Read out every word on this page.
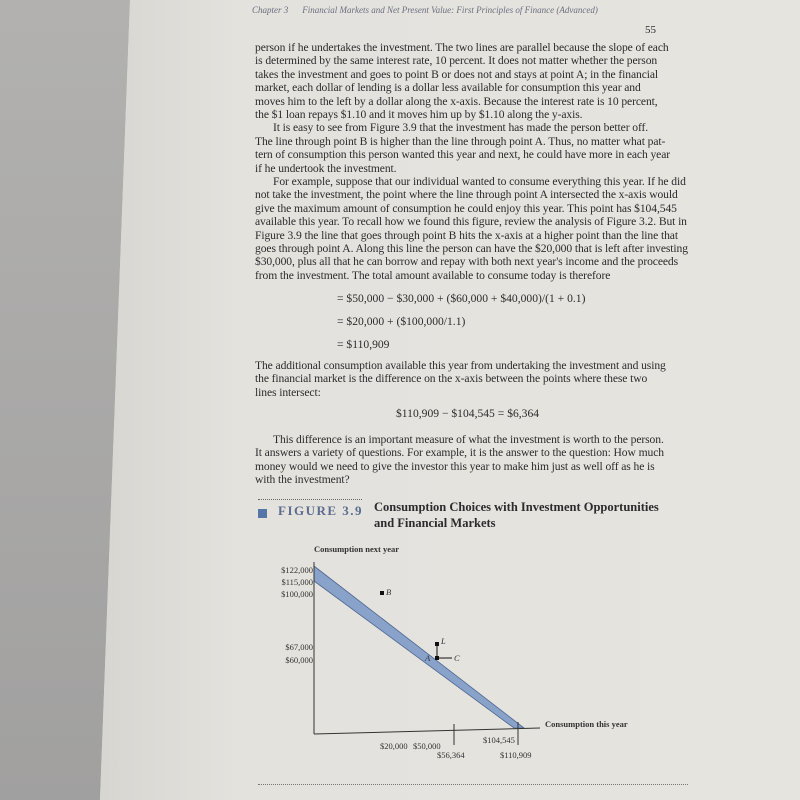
Chapter 3 Financial Markets and Net Present Value: First Principles of Finance (Advanced)
55
person if he undertakes the investment. The two lines are parallel because the slope of each
is determined by the same interest rate, 10 percent. It does not matter whether the person
takes the investment and goes to point B or does not and stays at point A; in the financial
market, each dollar of lending is a dollar less available for consumption this year and
moves him to the left by a dollar along the x-axis. Because the interest rate is 10 percent,
the $1 loan repays $1.10 and it moves him up by $1.10 along the y-axis.
It is easy to see from Figure 3.9 that the investment has made the person better off.
The line through point B is higher than the line through point A. Thus, no matter what pat-
tern of consumption this person wanted this year and next, he could have more in each year
if he undertook the investment.
For example, suppose that our individual wanted to consume everything this year. If he did
not take the investment, the point where the line through point A intersected the x-axis would
give the maximum amount of consumption he could enjoy this year. This point has $104,545
available this year. To recall how we found this figure, review the analysis of Figure 3.2. But in
Figure 3.9 the line that goes through point B hits the x-axis at a higher point than the line that
goes through point A. Along this line the person can have the $20,000 that is left after investing
$30,000, plus all that he can borrow and repay with both next year's income and the proceeds
from the investment. The total amount available to consume today is therefore
= $50,000 − $30,000 + ($60,000 + $40,000)/(1 + 0.1)
= $20,000 + ($100,000/1.1)
= $110,909
The additional consumption available this year from undertaking the investment and using
the financial market is the difference on the x-axis between the points where these two
lines intersect:
$110,909 − $104,545 = $6,364
This difference is an important measure of what the investment is worth to the person.
It answers a variety of questions. For example, it is the answer to the question: How much
money would we need to give the investor this year to make him just as well off as he is
with the investment?
FIGURE 3.9 Consumption Choices with Investment Opportunities and Financial Markets
Consumption next year
Consumption this year
$122,000
$115,000
$100,000
$67,000
$60,000
$20,000 $50,000
$56,364
$104,545
$110,909
B
L
A	C
